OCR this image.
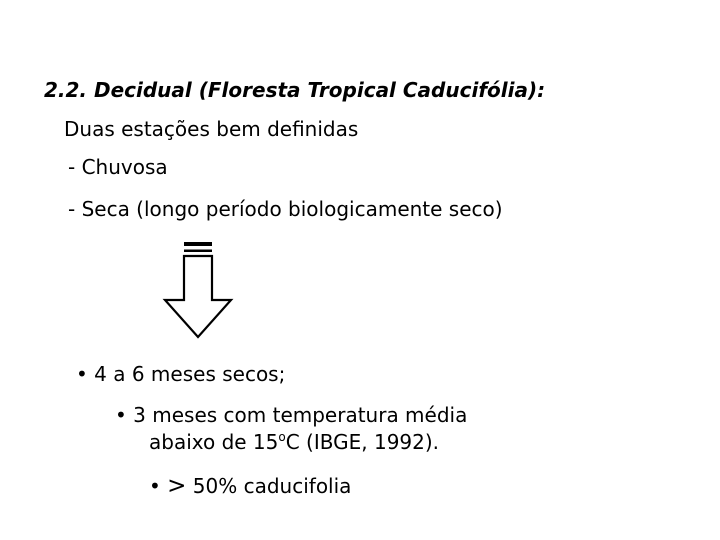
2.2. Decidual (Floresta Tropical Caducifólia):
Duas estações bem definidas
- Chuvosa
- Seca (longo período biologicamente seco)
• 4 a 6 meses secos;
• 3 meses com temperatura média
abaixo de 15$^o$C (IBGE, 1992).
• > 50% caducifolia
